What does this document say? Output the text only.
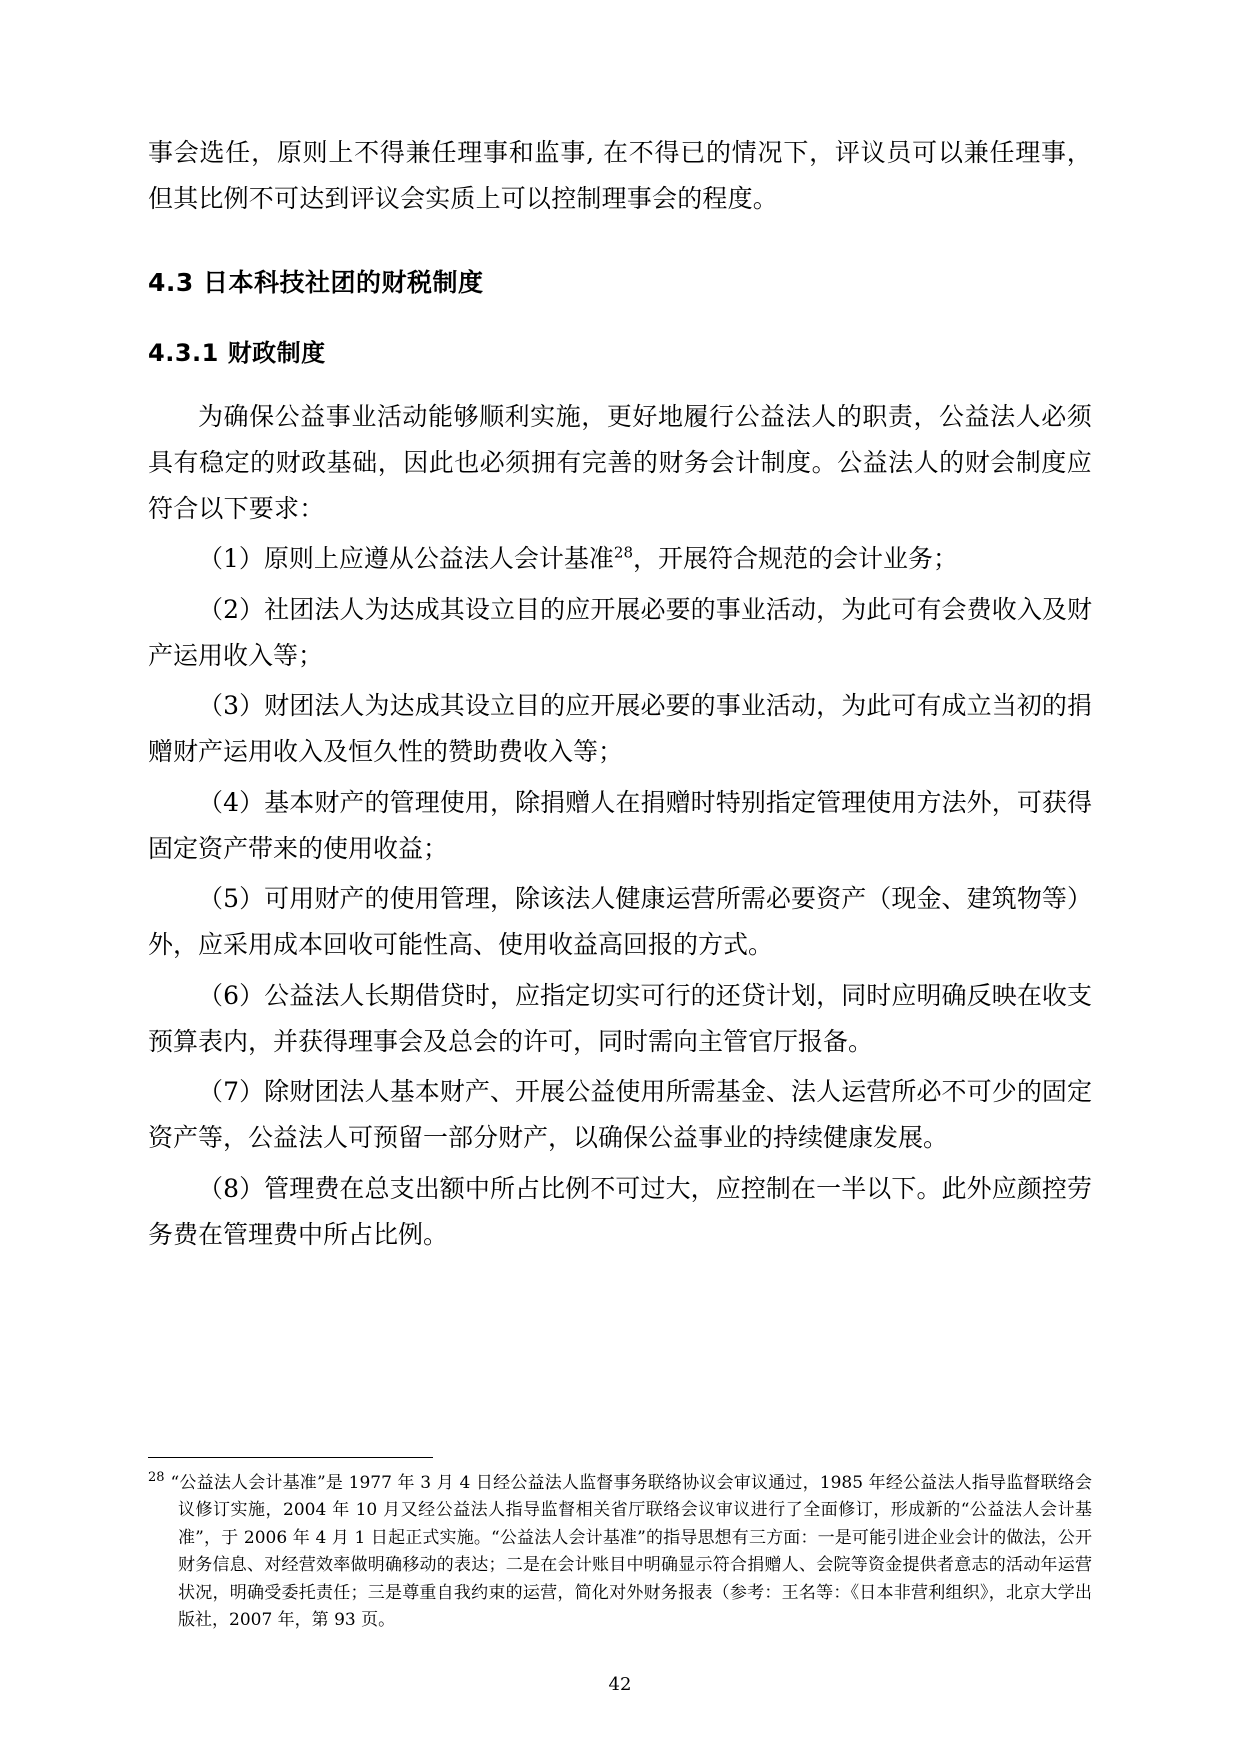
事会选任，原则上不得兼任理事和监事, 在不得已的情况下，评议员可以兼任理事，但其比例不可达到评议会实质上可以控制理事会的程度。

4.3 日本科技社团的财税制度
4.3.1 财政制度

为确保公益事业活动能够顺利实施，更好地履行公益法人的职责，公益法人必须具有稳定的财政基础，因此也必须拥有完善的财务会计制度。公益法人的财会制度应符合以下要求：

（1）原则上应遵从公益法人会计基准$^{28}$，开展符合规范的会计业务；

（2）社团法人为达成其设立目的应开展必要的事业活动，为此可有会费收入及财产运用收入等；

（3）财团法人为达成其设立目的应开展必要的事业活动，为此可有成立当初的捐赠财产运用收入及恒久性的赞助费收入等；

（4）基本财产的管理使用，除捐赠人在捐赠时特别指定管理使用方法外，可获得固定资产带来的使用收益；

（5）可用财产的使用管理，除该法人健康运营所需必要资产（现金、建筑物等）外，应采用成本回收可能性高、使用收益高回报的方式。

（6）公益法人长期借贷时，应指定切实可行的还贷计划，同时应明确反映在收支预算表内，并获得理事会及总会的许可，同时需向主管官厅报备。

（7）除财团法人基本财产、开展公益使用所需基金、法人运营所必不可少的固定资产等，公益法人可预留一部分财产，以确保公益事业的持续健康发展。

（8）管理费在总支出额中所占比例不可过大，应控制在一半以下。此外应颜控劳务费在管理费中所占比例。

$^{28}$ “公益法人会计基准”是 1977 年 3 月 4 日经公益法人监督事务联络协议会审议通过，1985 年经公益法人指导监督联络会议修订实施，2004 年 10 月又经公益法人指导监督相关省厅联络会议审议进行了全面修订，形成新的“公益法人会计基准”，于 2006 年 4 月 1 日起正式实施。“公益法人会计基准”的指导思想有三方面：一是可能引进企业会计的做法，公开财务信息、对经营效率做明确移动的表达；二是在会计账目中明确显示符合捐赠人、会院等资金提供者意志的活动年运营状况，明确受委托责任；三是尊重自我约束的运营，简化对外财务报表（参考：王名等：《日本非营利组织》，北京大学出版社，2007 年，第 93 页。

42
